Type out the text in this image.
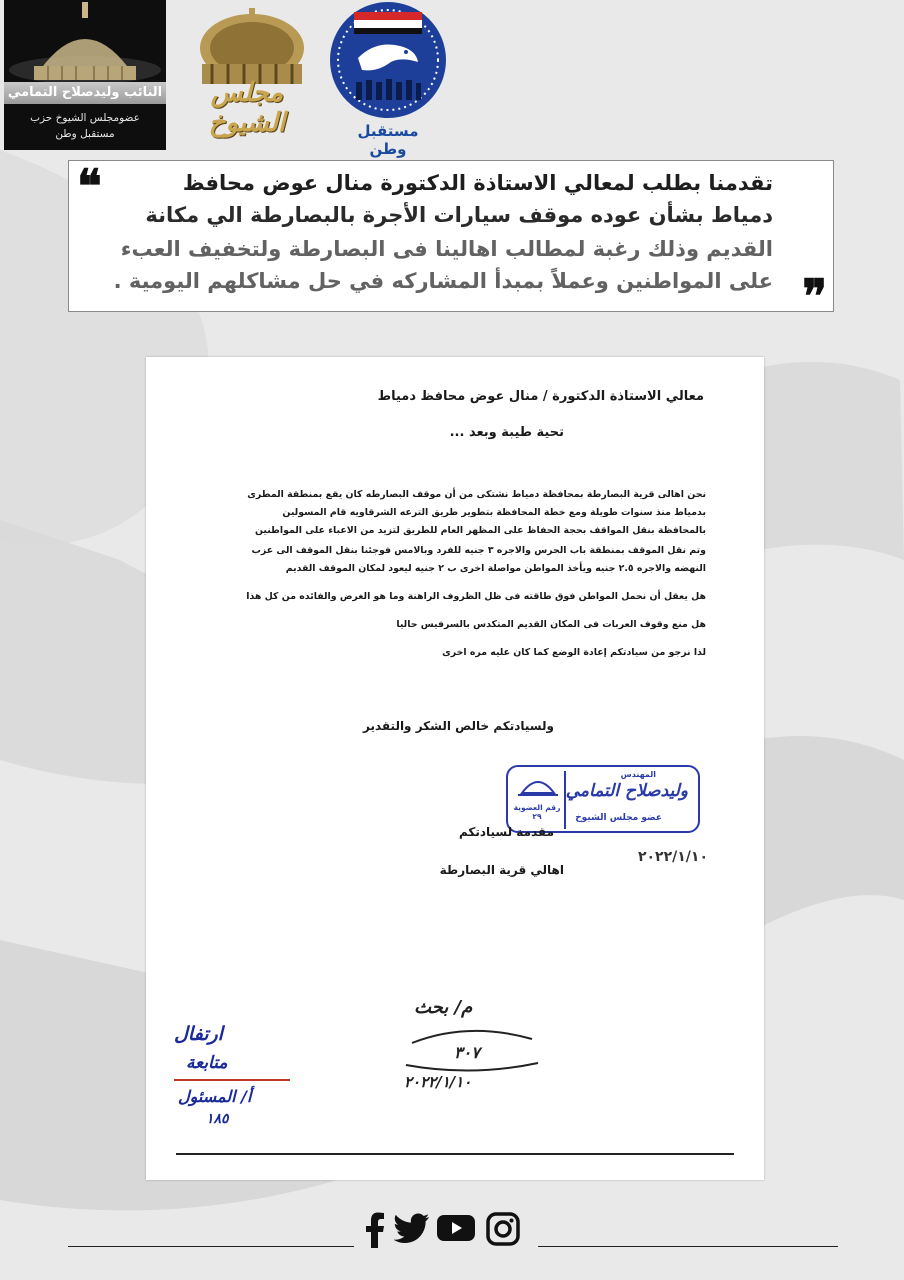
النائب وليدصلاح التمامي
عضومجلس الشيوخ حزب
مستقبل وطن
مجلس الشيوخ	مستقبل وطن
❝	تقدمنا بطلب لمعالي الاستاذة الدكتورة منال عوض محافظ
دمياط بشأن عوده موقف سيارات الأجرة بالبصارطة الي مكانة
القديم وذلك رغبة لمطالب اهالينا فى البصارطة ولتخفيف العبء
على المواطنين وعملاً بمبدأ المشاركه في حل مشاكلهم اليومية . ❞
معالي الاستاذة الدكتورة / منال عوض محافظ دمياط
تحية طيبة وبعد ...
نحن اهالى قرية البصارطة بمحافظة دمياط نشتكى من أن موقف البصارطه كان يقع بمنطقة المطرى
بدمياط منذ سنوات طويلة ومع خطة المحافظة بتطوير طريق الترعه الشرقاويه قام المسولين
بالمحافظة بنقل المواقف بحجة الحفاظ على المظهر العام للطريق لتزيد من الاعباء على المواطنين
وتم نقل الموقف بمنطقة باب الحرس والاجره ٣ جنيه للفرد وبالامس فوجئنا بنقل الموقف الى عزب
النهضه والاجره ٢.٥ جنيه ويأخذ المواطن مواصلة اخرى ب ٢ جنيه ليعود لمكان الموقف القديم
هل يعقل أن نحمل المواطن فوق طاقته فى ظل الظروف الراهنة وما هو الغرض والفائده من كل هذا
هل منع وقوف العربات فى المكان القديم المتكدس بالسرفيس حاليا
لذا نرجو من سيادتكم إعادة الوضع كما كان عليه مره اخرى
ولسيادتكم خالص الشكر والتقدير
المهندس
وليدصلاح التمامي
عضو مجلس الشيوخ
رقم العضوية
٢٩
٢٠٢٢/١/١٠
مقدمة لسيادتكم
اهالي قرية البصارطة
م/ بحث
٣٠٧
٢٠٢٢/١/١٠
ارتفال
متابعة
أ/ المسئول
١٨٥
